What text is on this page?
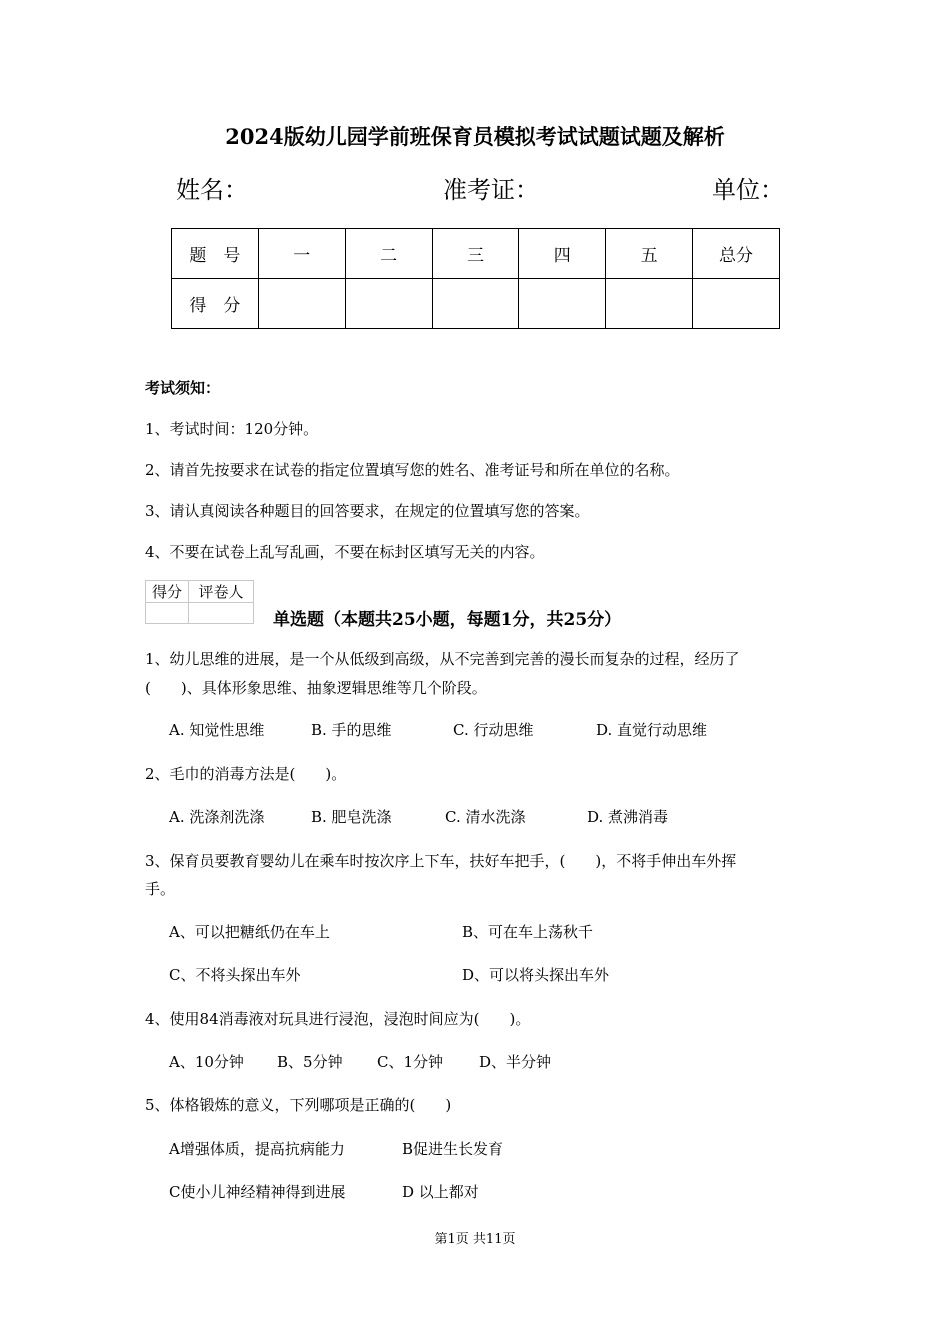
2024版幼儿园学前班保育员模拟考试试题试题及解析
姓名：	准考证：	单位：
题　号	一	二	三	四	五	总分
得　分						
考试须知：
1、考试时间：120分钟。
2、请首先按要求在试卷的指定位置填写您的姓名、准考证号和所在单位的名称。
3、请认真阅读各种题目的回答要求，在规定的位置填写您的答案。
4、不要在试卷上乱写乱画，不要在标封区填写无关的内容。
得分	评卷人

单选题（本题共25小题，每题1分，共25分）
1、幼儿思维的进展，是一个从低级到高级，从不完善到完善的漫长而复杂的过程，经历了
(　　)、具体形象思维、抽象逻辑思维等几个阶段。
A. 知觉性思维	B. 手的思维	C. 行动思维	D. 直觉行动思维
2、毛巾的消毒方法是(　　)。
A. 洗涤剂洗涤	B. 肥皂洗涤	C. 清水洗涤	D. 煮沸消毒
3、保育员要教育婴幼儿在乘车时按次序上下车，扶好车把手，(　　)，不将手伸出车外挥
手。
A、可以把糖纸仍在车上	B、可在车上荡秋千
C、不将头探出车外	D、可以将头探出车外
4、使用84消毒液对玩具进行浸泡，浸泡时间应为(　　)。
A、10分钟 B、5分钟 C、1分钟 D、半分钟
5、体格锻炼的意义，下列哪项是正确的(　　)
A增强体质，提高抗病能力	B促进生长发育
C使小儿神经精神得到进展	D 以上都对
第1页 共11页
